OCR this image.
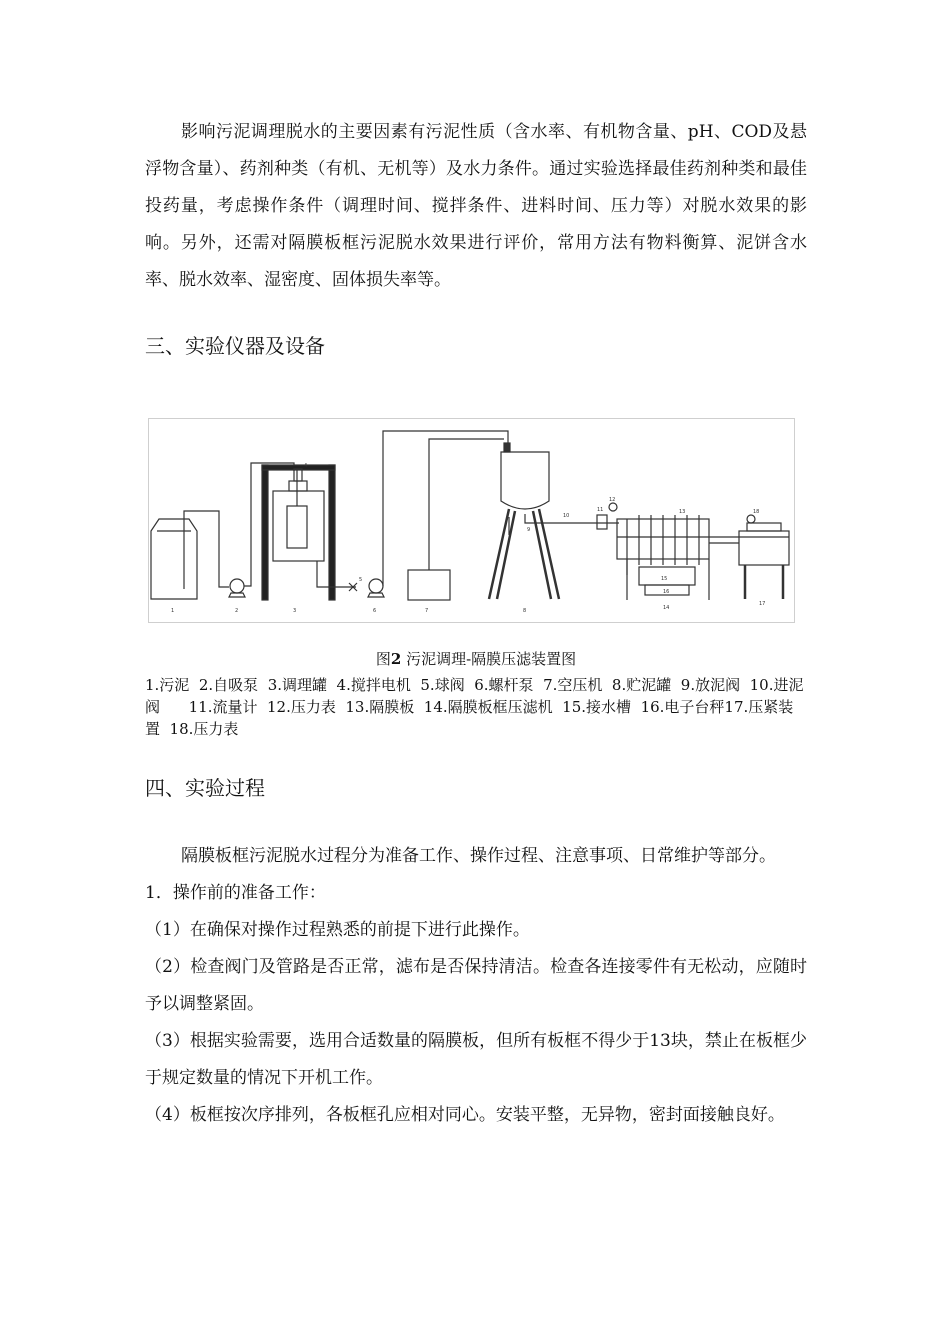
影响污泥调理脱水的主要因素有污泥性质（含水率、有机物含量、pH、COD及悬浮物含量）、药剂种类（有机、无机等）及水力条件。通过实验选择最佳药剂种类和最佳投药量，考虑操作条件（调理时间、搅拌条件、进料时间、压力等）对脱水效果的影响。另外，还需对隔膜板框污泥脱水效果进行评价，常用方法有物料衡算、泥饼含水率、脱水效率、湿密度、固体损失率等。

三、实验仪器及设备
1	2	3
4
5
6	7	8
9
10
11
12
13
14
15
16
17
18
图2 污泥调理-隔膜压滤装置图

1.污泥  2.自吸泵  3.调理罐  4.搅拌电机  5.球阀  6.螺杆泵  7.空压机  8.贮泥罐  9.放泥阀  10.进泥阀      11.流量计  12.压力表  13.隔膜板  14.隔膜板框压滤机  15.接水槽  16.电子台秤17.压紧装置  18.压力表

四、实验过程

隔膜板框污泥脱水过程分为准备工作、操作过程、注意事项、日常维护等部分。

1．操作前的准备工作：

（1）在确保对操作过程熟悉的前提下进行此操作。

（2）检查阀门及管路是否正常，滤布是否保持清洁。检查各连接零件有无松动，应随时予以调整紧固。

（3）根据实验需要，选用合适数量的隔膜板，但所有板框不得少于13块，禁止在板框少于规定数量的情况下开机工作。

（4）板框按次序排列，各板框孔应相对同心。安装平整，无异物，密封面接触良好。
